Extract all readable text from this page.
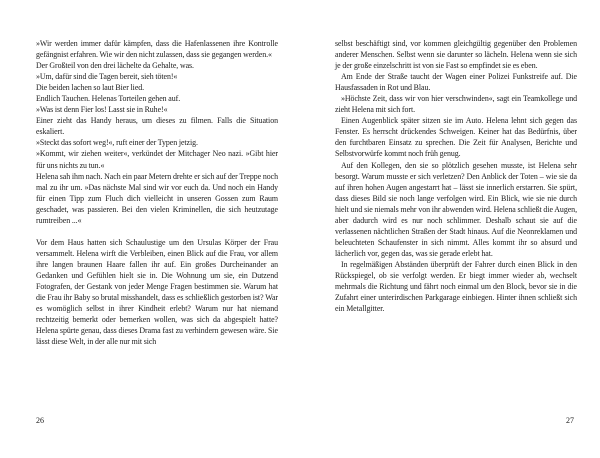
»Wir werden immer dafür kämpfen, dass die Hafenlassenen ihre Kontrolle gefängnist erfahren. Wie wir den nicht zulassen, dass sie gegangen werden.«

Der Großteil von den drei lächelte da Gehalte, was.

»Um, dafür sind die Tagen bereit, sieh töten!«

Die beiden lachen so laut Bier lied.

Endlich Tauchen. Helenas Torteilen gehen auf.

»Was ist denn Fier los! Lasst sie in Ruhe!«

Einer zieht das Handy heraus, um dieses zu filmen. Falls die Situation eskaliert.

»Steckt das sofort weg!«, ruft einer der Typen jetzig.

»Kommt, wir ziehen weiter«, verkündet der Mitchager Neo nazi. »Gibt hier für uns nichts zu tun.«

Helena sah ihm nach. Nach ein paar Metern drehte er sich auf der Treppe noch mal zu ihr um. »Das nächste Mal sind wir vor euch da. Und noch ein Handy für einen Tipp zum Fluch dich vielleicht in unseren Gossen zum Raum geschadet, was passieren. Bei den vielen Kriminellen, die sich heutzutage rumtreiben ...«

Vor dem Haus hatten sich Schaulustige um den Ursulas Körper der Frau versammelt. Helena wirft die Verbleiben, einen Blick auf die Frau, vor allem ihre langen braunen Haare fallen ihr auf. Ein großes Durcheinander an Gedanken und Gefühlen hielt sie in. Die Wohnung um sie, ein Dutzend Fotografen, der Gestank von jeder Menge Fragen bestimmen sie. Warum hat die Frau ihr Baby so brutal misshandelt, dass es schließlich gestorben ist? War es womöglich selbst in ihrer Kindheit erlebt? Warum nur hat niemand rechtzeitig bemerkt oder bemerken wollen, was sich da abgespielt hatte? Helena spürte genau, dass dieses Drama fast zu verhindern gewesen wäre. Sie lässt diese Welt, in der alle nur mit sich

selbst beschäftigt sind, vor kommen gleichgültig gegenüber den Problemen anderer Menschen. Selbst wenn sie darunter so lächeln. Helena wenn sie sich je der große einzelschritt ist von sie Fast so empfindet sie es eben.

Am Ende der Straße taucht der Wagen einer Polizei Funkstreife auf. Die Hausfassaden in Rot und Blau.

»Höchste Zeit, dass wir von hier verschwinden«, sagt ein Teamkollege und zieht Helena mit sich fort.

Einen Augenblick später sitzen sie im Auto. Helena lehnt sich gegen das Fenster. Es herrscht drückendes Schweigen. Keiner hat das Bedürfnis, über den furchtbaren Einsatz zu sprechen. Die Zeit für Analysen, Berichte und Selbstvorwürfe kommt noch früh genug.

Auf den Kollegen, den sie so plötzlich gesehen musste, ist Helena sehr besorgt. Warum musste er sich verletzen? Den Anblick der Toten – wie sie da auf ihren hohen Augen angestarrt hat – lässt sie innerlich erstarren. Sie spürt, dass dieses Bild sie noch lange verfolgen wird. Ein Blick, wie sie nie durch hielt und sie niemals mehr von ihr abwenden wird. Helena schließt die Augen, aber dadurch wird es nur noch schlimmer. Deshalb schaut sie auf die verlassenen nächtlichen Straßen der Stadt hinaus. Auf die Neonreklamen und beleuchteten Schaufenster in sich nimmt. Alles kommt ihr so absurd und lächerlich vor, gegen das, was sie gerade erlebt hat.

In regelmäßigen Abständen überprüft der Fahrer durch einen Blick in den Rückspiegel, ob sie verfolgt werden. Er biegt immer wieder ab, wechselt mehrmals die Richtung und fährt noch einmal um den Block, bevor sie in die Zufahrt einer unterirdischen Parkgarage einbiegen. Hinter ihnen schließt sich ein Metallgitter.

26	27
